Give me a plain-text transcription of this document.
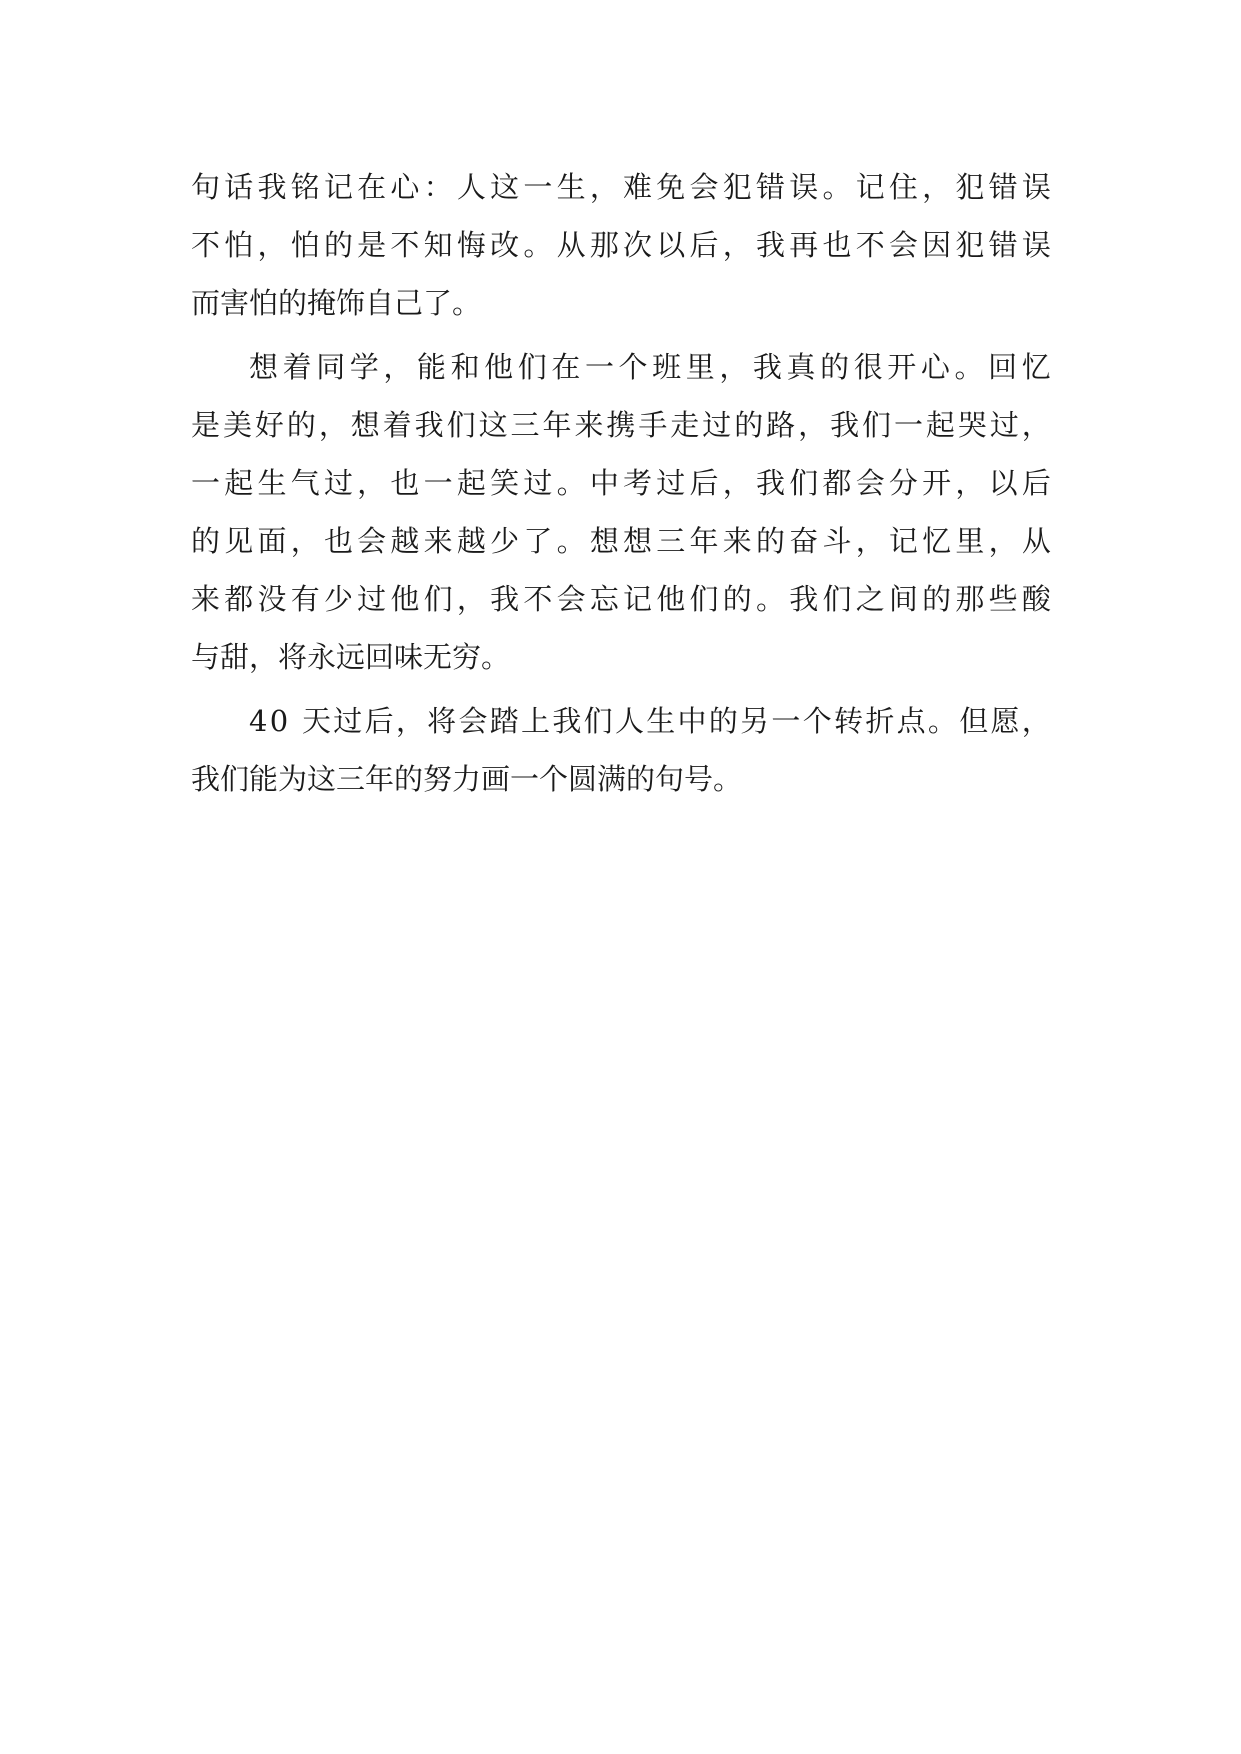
句 话 我 铭 记 在 心 ： 人 这 一 生 ， 难 免 会 犯 错 误 。 记 住 ， 犯 错 误
不 怕 ， 怕 的 是 不 知 悔 改 。 从 那 次 以 后 ， 我 再 也 不 会 因 犯 错 误
而害怕的掩饰自己了。
想 着 同 学 ， 能 和 他 们 在 一 个 班 里 ， 我 真 的 很 开 心 。 回 忆
是 美 好 的 ， 想 着 我 们 这 三 年 来 携 手 走 过 的 路 ， 我 们 一 起 哭 过 ，
一 起 生 气 过 ， 也 一 起 笑 过 。 中 考 过 后 ， 我 们 都 会 分 开 ， 以 后
的 见 面 ， 也 会 越 来 越 少 了 。 想 想 三 年 来 的 奋 斗 ， 记 忆 里 ， 从
来 都 没 有 少 过 他 们 ， 我 不 会 忘 记 他 们 的 。 我 们 之 间 的 那 些 酸
与甜，将永远回味无穷。
4 0
天 过 后 ， 将 会 踏 上 我 们 人 生 中 的 另 一 个 转 折 点 。 但 愿 ，
我们能为这三年的努力画一个圆满的句号。
